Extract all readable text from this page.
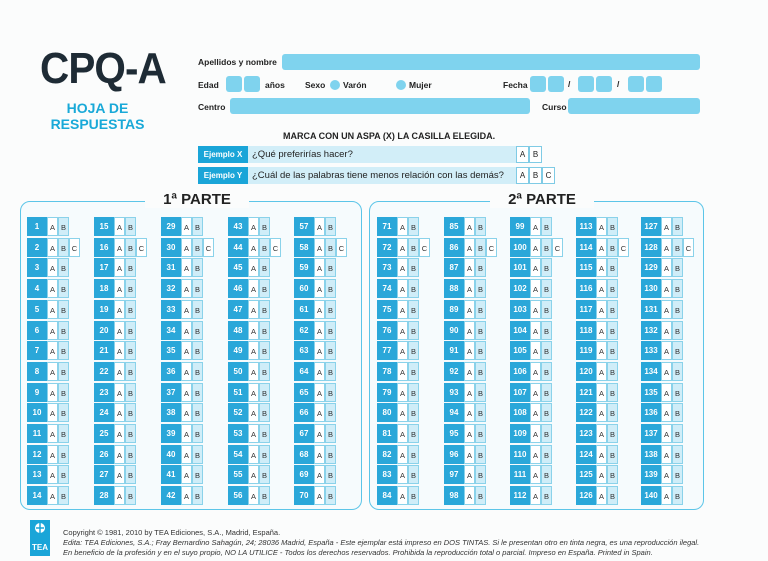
CPQ-A
HOJA DE RESPUESTAS
Apellidos y nombre
Edad	años Sexo Varón	Mujer	Fecha	/	/
Centro	Curso
MARCA CON UN ASPA (X) LA CASILLA ELEGIDA.
Ejemplo X	¿Qué preferirías hacer?	A B
Ejemplo Y	¿Cuál de las palabras tiene menos relación con las demás?	A B C
1ª PARTE	2ª PARTE
1	A B
2	A B C
3	A B
4	A B
5	A B
6	A B
7	A B
8	A B
9	A B
10	A B
11	A B
12	A B
13	A B
14	A B
15	A B
16	A B C
17	A B
18	A B
19	A B
20	A B
21	A B
22	A B
23	A B
24	A B
25	A B
26	A B
27	A B
28	A B
29	A B
30	A B C
31	A B
32	A B
33	A B
34	A B
35	A B
36	A B
37	A B
38	A B
39	A B
40	A B
41	A B
42	A B
43	A B
44	A B C
45	A B
46	A B
47	A B
48	A B
49	A B
50	A B
51	A B
52	A B
53	A B
54	A B
55	A B
56	A B
57	A B
58	A B C
59	A B
60	A B
61	A B
62	A B
63	A B
64	A B
65	A B
66	A B
67	A B
68	A B
69	A B
70	A B
71	A B
72	A B C
73	A B
74	A B
75	A B
76	A B
77	A B
78	A B
79	A B
80	A B
81	A B
82	A B
83	A B
84	A B
85	A B
86	A B C
87	A B
88	A B
89	A B
90	A B
91	A B
92	A B
93	A B
94	A B
95	A B
96	A B
97	A B
98	A B
99	A B
100 A B C
101 A B
102 A B
103 A B
104 A B
105 A B
106 A B
107 A B
108 A B
109 A B
110 A B
111 A B
112 A B
113 A B
114 A B C
115 A B
116 A B
117 A B
118 A B
119 A B
120 A B
121 A B
122 A B
123 A B
124 A B
125 A B
126 A B
127 A B
128 A B C
129 A B
130 A B
131 A B
132 A B
133 A B
134 A B
135 A B
136 A B
137 A B
138 A B
139 A B
140 A B
TEA
Copyright © 1981, 2010 by TEA Ediciones, S.A., Madrid, España.
Edita: TEA Ediciones, S.A.; Fray Bernardino Sahagún, 24; 28036 Madrid, España - Este ejemplar está impreso en DOS TINTAS. Si le presentan otro en tinta negra, es una reproducción ilegal.
En beneficio de la profesión y en el suyo propio, NO LA UTILICE - Todos los derechos reservados. Prohibida la reproducción total o parcial. Impreso en España. Printed in Spain.
